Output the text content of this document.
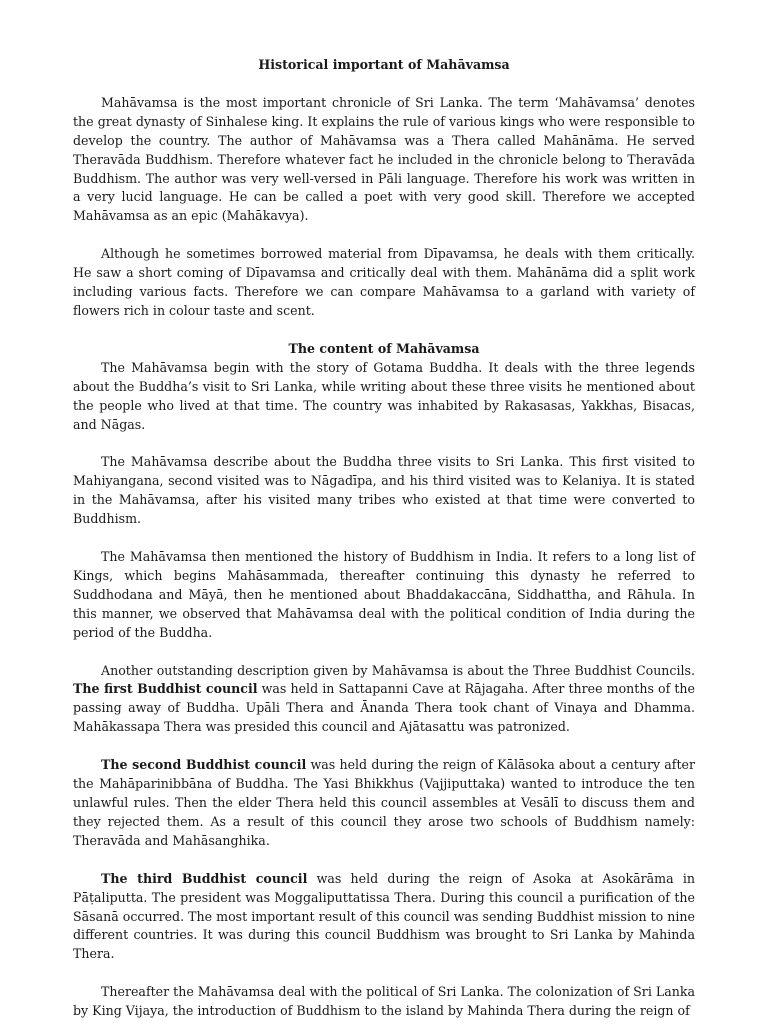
Historical important of Mahāvamsa

Mahāvamsa is the most important chronicle of Sri Lanka. The term ‘Mahāvamsa’ denotes the great dynasty of Sinhalese king. It explains the rule of various kings who were responsible to develop the country. The author of Mahāvamsa was a Thera called Mahānāma. He served Theravāda Buddhism. Therefore whatever fact he included in the chronicle belong to Theravāda Buddhism. The author was very well-versed in Pāli language. Therefore his work was written in a very lucid language. He can be called a poet with very good skill. Therefore we accepted Mahāvamsa as an epic (Mahākavya).

Although he sometimes borrowed material from Dīpavamsa, he deals with them critically. He saw a short coming of Dīpavamsa and critically deal with them. Mahānāma did a split work including various facts. Therefore we can compare Mahāvamsa to a garland with variety of flowers rich in colour taste and scent.

The content of Mahāvamsa

The Mahāvamsa begin with the story of Gotama Buddha. It deals with the three legends about the Buddha’s visit to Sri Lanka, while writing about these three visits he mentioned about the people who lived at that time. The country was inhabited by Rakasasas, Yakkhas, Bisacas, and Nāgas.

The Mahāvamsa describe about the Buddha three visits to Sri Lanka. This first visited to Mahiyangana, second visited was to Nāgadīpa, and his third visited was to Kelaniya. It is stated in the Mahāvamsa, after his visited many tribes who existed at that time were converted to Buddhism.

The Mahāvamsa then mentioned the history of Buddhism in India. It refers to a long list of Kings, which begins Mahāsammada, thereafter continuing this dynasty he referred to Suddhodana and Māyā, then he mentioned about Bhaddakaccāna, Siddhattha, and Rāhula. In this manner, we observed that Mahāvamsa deal with the political condition of India during the period of the Buddha.

Another outstanding description given by Mahāvamsa is about the Three Buddhist Councils. The first Buddhist council was held in Sattapanni Cave at Rājagaha. After three months of the passing away of Buddha. Upāli Thera and Ānanda Thera took chant of Vinaya and Dhamma. Mahākassapa Thera was presided this council and Ajātasattu was patronized.

The second Buddhist council was held during the reign of Kālāsoka about a century after the Mahāparinibbāna of Buddha. The Yasi Bhikkhus (Vajjiputtaka) wanted to introduce the ten unlawful rules. Then the elder Thera held this council assembles at Vesālī to discuss them and they rejected them. As a result of this council they arose two schools of Buddhism namely: Theravāda and Mahāsanghika.

The third Buddhist council was held during the reign of Asoka at Asokārāma in Pāṭaliputta. The president was Moggaliputtatissa Thera. During this council a purification of the Sāsanā occurred. The most important result of this council was sending Buddhist mission to nine different countries. It was during this council Buddhism was brought to Sri Lanka by Mahinda Thera.

Thereafter the Mahāvamsa deal with the political of Sri Lanka. The colonization of Sri Lanka by King Vijaya, the introduction of Buddhism to the island by Mahinda Thera during the reign of
